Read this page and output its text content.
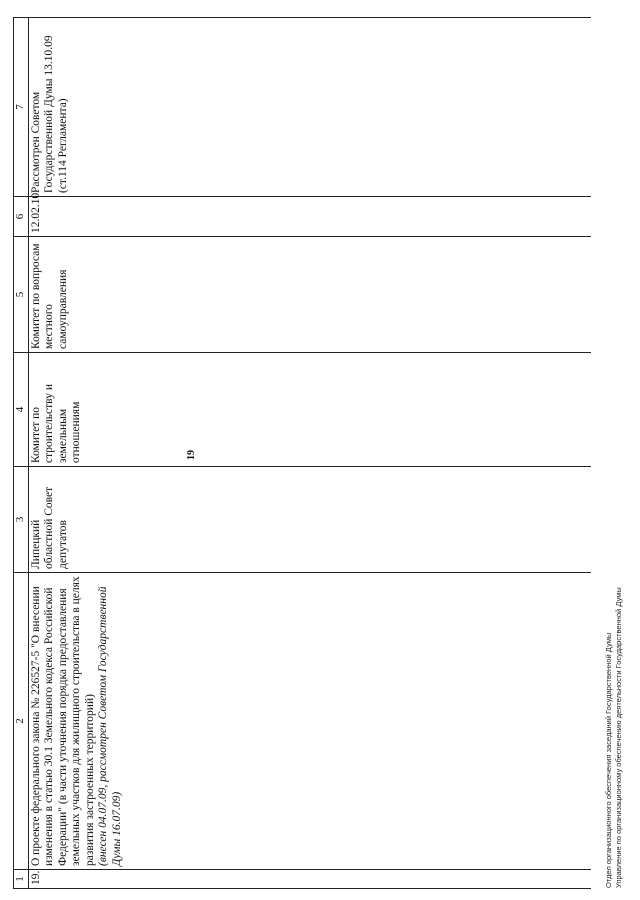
19
1	2	3	4	5	6	7
19.	О проекте федерального закона № 226527-5 "О внесении изменения в статью 30.1 Земельного кодекса Российской Федерации" (в части уточнения порядка предоставления земельных участков для жилищного строительства в целях развития застроенных территорий) (внесен 04.07.09, рассмотрен Советом Государственной Думы 16.07.09)	Липецкий областной Совет депутатов	Комитет по строительству и земельным отношениям	Комитет по вопросам местного самоуправления	12.02.10	Рассмотрен Советом Государственной Думы 13.10.09 (ст.114 Регламента)
Отдел организационного обеспечения заседаний Государственной Думы Управление по организационному обеспечению деятельности Государственной Думы
